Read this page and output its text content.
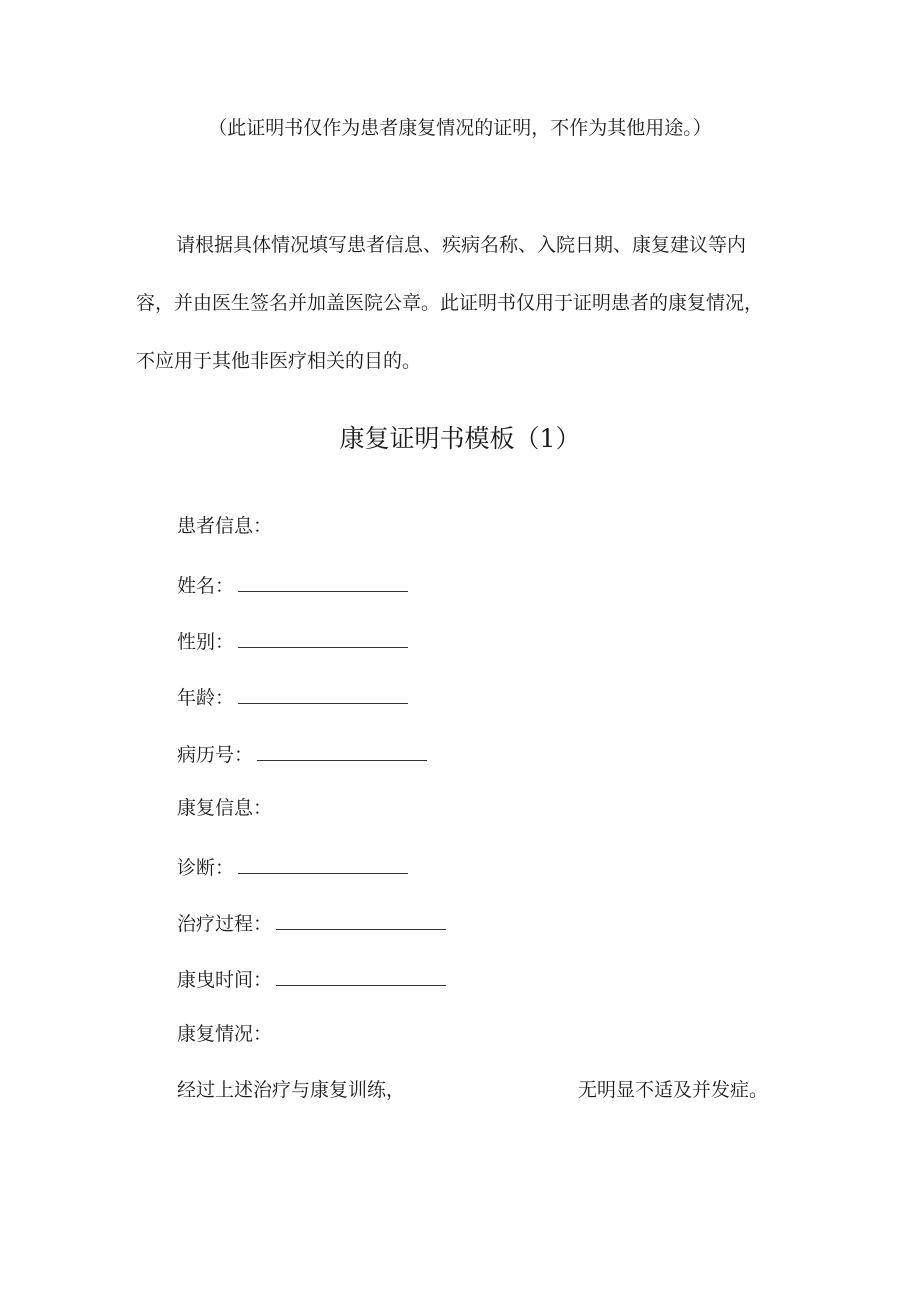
（此证明书仅作为患者康复情况的证明，不作为其他用途。）
请根据具体情况填写患者信息、疾病名称、入院日期、康复建议等内
容，并由医生签名并加盖医院公章。此证明书仅用于证明患者的康复情况，
不应用于其他非医疗相关的目的。
康复证明书模板（1）
患者信息：
姓名：
性别：
年龄：
病历号：
康复信息：
诊断：
治疗过程：
康曳时间：
康复情况：
经过上述治疗与康复训练，	无明显不适及并发症。
